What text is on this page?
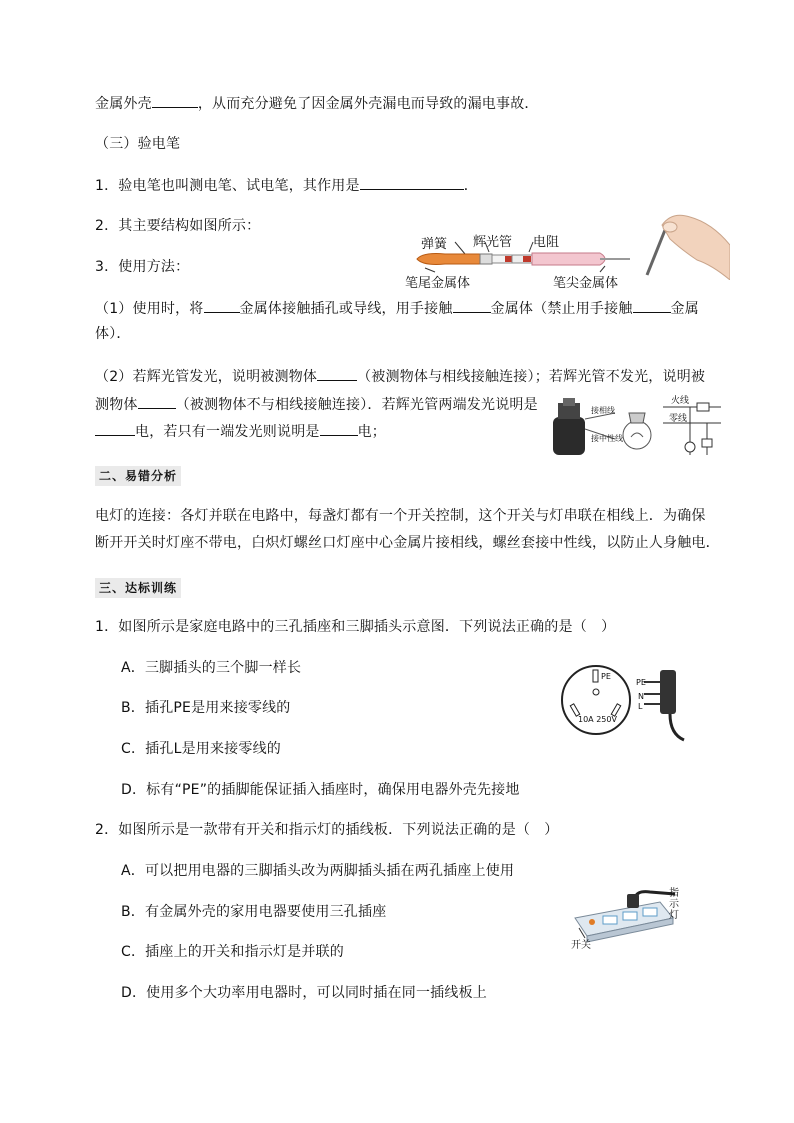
金属外壳	，从而充分避免了因金属外壳漏电而导致的漏电事故．
（三）验电笔
1．验电笔也叫测电笔、试电笔，其作用是	．
2．其主要结构如图所示：
3．使用方法：
弹簧 辉光管 电阻
笔尾金属体	笔尖金属体
（1）使用时，将	金属体接触插孔或导线，用手接触	金属体（禁止用手接触	金属
体）．
（2）若辉光管发光，说明被测物体	（被测物体与相线接触连接）；若辉光管不发光，说明被
测物体	（被测物体不与相线接触连接）．若辉光管两端发光说明是
电，若只有一端发光则说明是	电；
火线
零线
接相线
接中性线
二、易错分析
电灯的连接：各灯并联在电路中，每盏灯都有一个开关控制，这个开关与灯串联在相线上．为确保
断开开关时灯座不带电，白炽灯螺丝口灯座中心金属片接相线，螺丝套接中性线，以防止人身触电．
三、达标训练
1．如图所示是家庭电路中的三孔插座和三脚插头示意图．下列说法正确的是（　）
A．三脚插头的三个脚一样长
B．插孔PE是用来接零线的
C．插孔L是用来接零线的
D．标有“PE”的插脚能保证插入插座时，确保用电器外壳先接地
PE
10A 250V
PE
N
L
2．如图所示是一款带有开关和指示灯的插线板．下列说法正确的是（　）
A．可以把用电器的三脚插头改为两脚插头插在两孔插座上使用
B．有金属外壳的家用电器要使用三孔插座
C．插座上的开关和指示灯是并联的
D．使用多个大功率用电器时，可以同时插在同一插线板上
开关
指示灯
